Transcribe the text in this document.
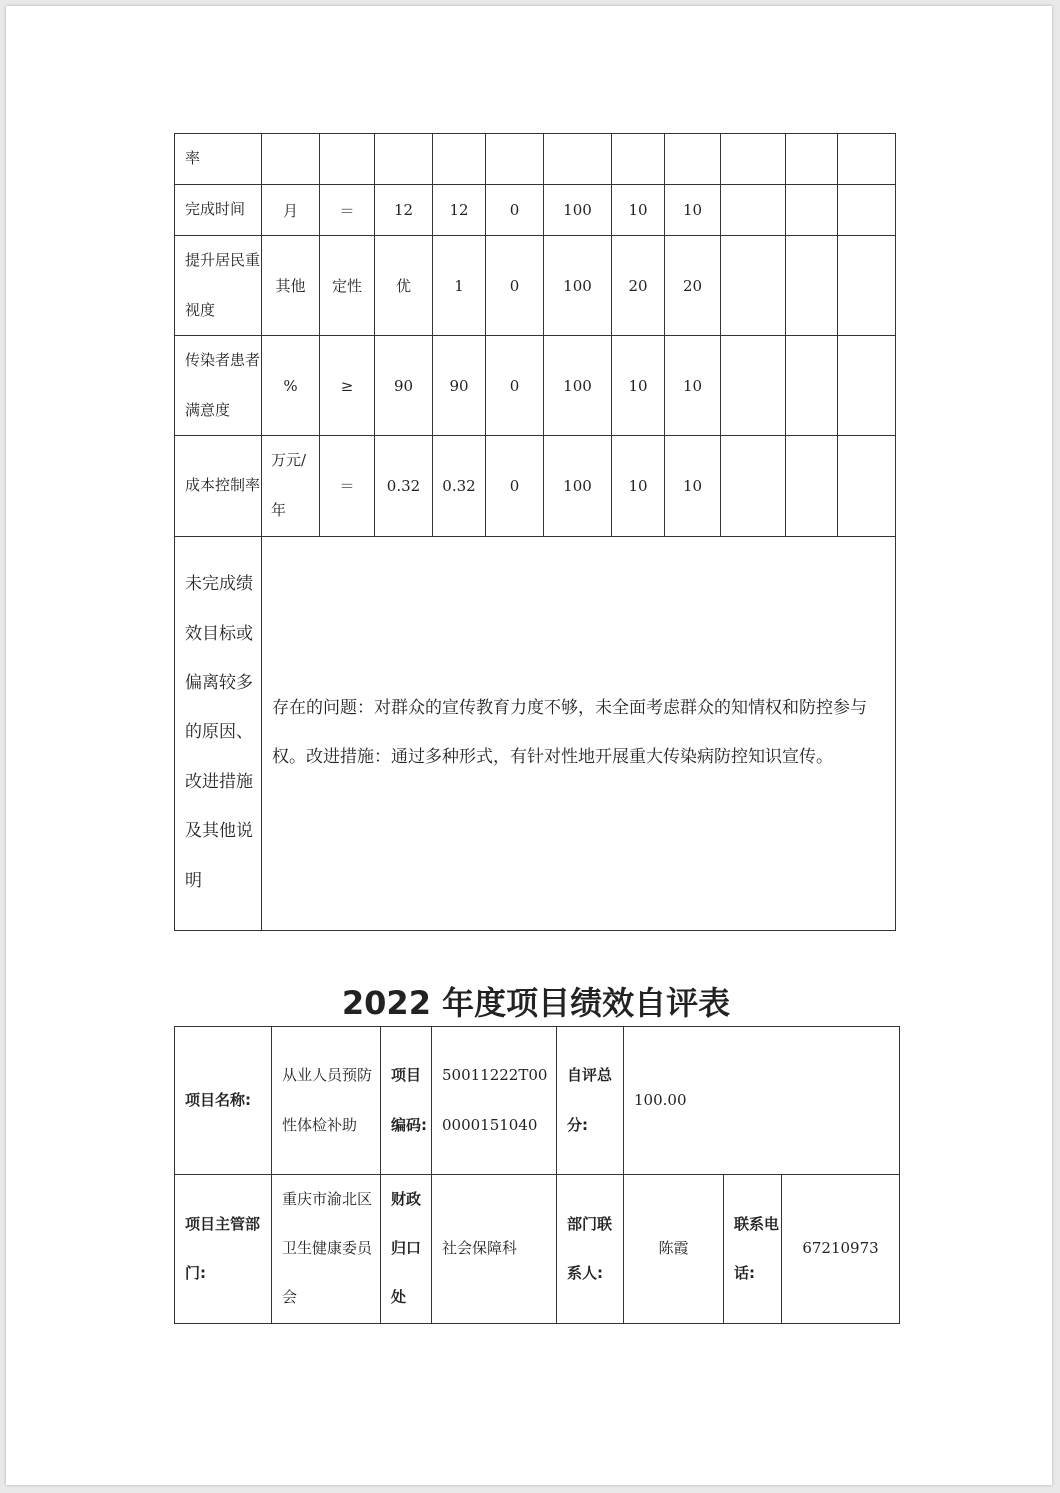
率											
完成时间	月	＝	12	12	0	100	10	10			
提升居民重视度	其他	定性	优	1	0	100	20	20			
传染者患者满意度	%	≥	90	90	0	100	10	10			
成本控制率	万元/年	＝	0.32	0.32	0	100	10	10			
未完成绩效目标或偏离较多的原因、改进措施及其他说明	存在的问题：对群众的宣传教育力度不够，未全面考虑群众的知情权和防控参与权。改进措施：通过多种形式，有针对性地开展重大传染病防控知识宣传。										
2022 年度项目绩效自评表
项目名称:	从业人员预防性体检补助	项目编码:	50011222T000000151040	自评总分:	100.00		
项目主管部门:	重庆市渝北区卫生健康委员会	财政归口处	社会保障科	部门联系人:	陈霞	联系电话:	67210973
